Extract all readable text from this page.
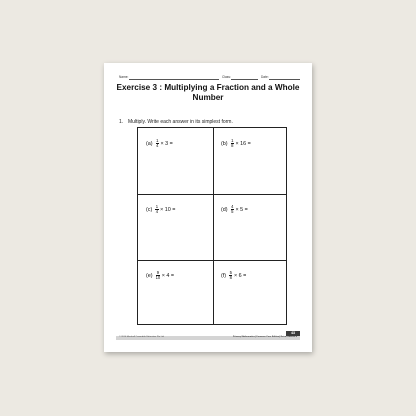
Name:	Class:	Date:
Exercise 3 : Multiplying a Fraction and a Whole Number
1. Multiply. Write each answer in its simplest form.
$(a) \frac{1}{4} \times 3$ =	$(b) \frac{1}{8} \times 16$ =
$(c) \frac{1}{4} \times 10$ =	$(d) \frac{4}{5} \times 5$ =
$(e) \frac{9}{10} \times 4$ =	$(f) \frac{5}{8} \times 6$ =
43
© 2014 Marshall Cavendish Education Pte Ltd	Primary Mathematics (Common Core Edition) Extra Practice 4
